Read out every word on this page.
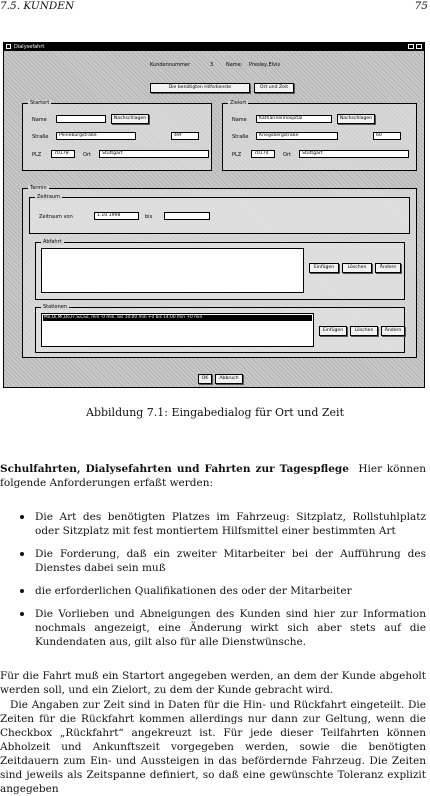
7.5. KUNDEN	75
Dialysefahrt
Kundennummer	3	Name: Presley,Elvis
Die benötigten Hilfsdienste	Ort und Zeit
Startort
Name	Nachschlagen
Straße	Peineburgstraße	49f
PLZ	70178	Ort	Stuttgart
Zielort
Name	Katharinenhospital	Nachschlagen
Straße	Kriegsbergstraße	60
PLZ	70174	Ort	Stuttgart
Termin
Zeitraum
Zeitraum von	1.10.1998	bis
Abfahrt
Einfügen	Löschen	Ändern
Stationen
Mo,Di,Mi,Do,Fr,Sa,So, min -0 min, bis 10:00 min +0 bis 14:00 min +0 min
Einfügen	Löschen	Ändern
OK	Abbruch
Abbildung 7.1: Eingabedialog für Ort und Zeit
Schulfahrten, Dialysefahrten und Fahrten zur Tagespflege Hier können folgende Anforderungen erfaßt werden:
Die Art des benötigten Platzes im Fahrzeug: Sitzplatz, Rollstuhlplatz oder Sitzplatz mit fest montiertem Hilfsmittel einer bestimmten Art
Die Forderung, daß ein zweiter Mitarbeiter bei der Aufführung des Dienstes dabei sein muß
die erforderlichen Qualifikationen des oder der Mitarbeiter
Die Vorlieben und Abneigungen des Kunden sind hier zur Information nochmals angezeigt, eine Änderung wirkt sich aber stets auf die Kundendaten aus, gilt also für alle Dienstwünsche.
Für die Fahrt muß ein Startort angegeben werden, an dem der Kunde abgeholt werden soll, und ein Zielort, zu dem der Kunde gebracht wird.
Die Angaben zur Zeit sind in Daten für die Hin- und Rückfahrt eingeteilt. Die Zeiten für die Rückfahrt kommen allerdings nur dann zur Geltung, wenn die Checkbox „Rückfahrt“ angekreuzt ist. Für jede dieser Teilfahrten können Abholzeit und Ankunftszeit vorgegeben werden, sowie die benötigten Zeitdauern zum Ein- und Aussteigen in das befördernde Fahrzeug. Die Zeiten sind jeweils als Zeitspanne definiert, so daß eine gewünschte Toleranz explizit angegeben
